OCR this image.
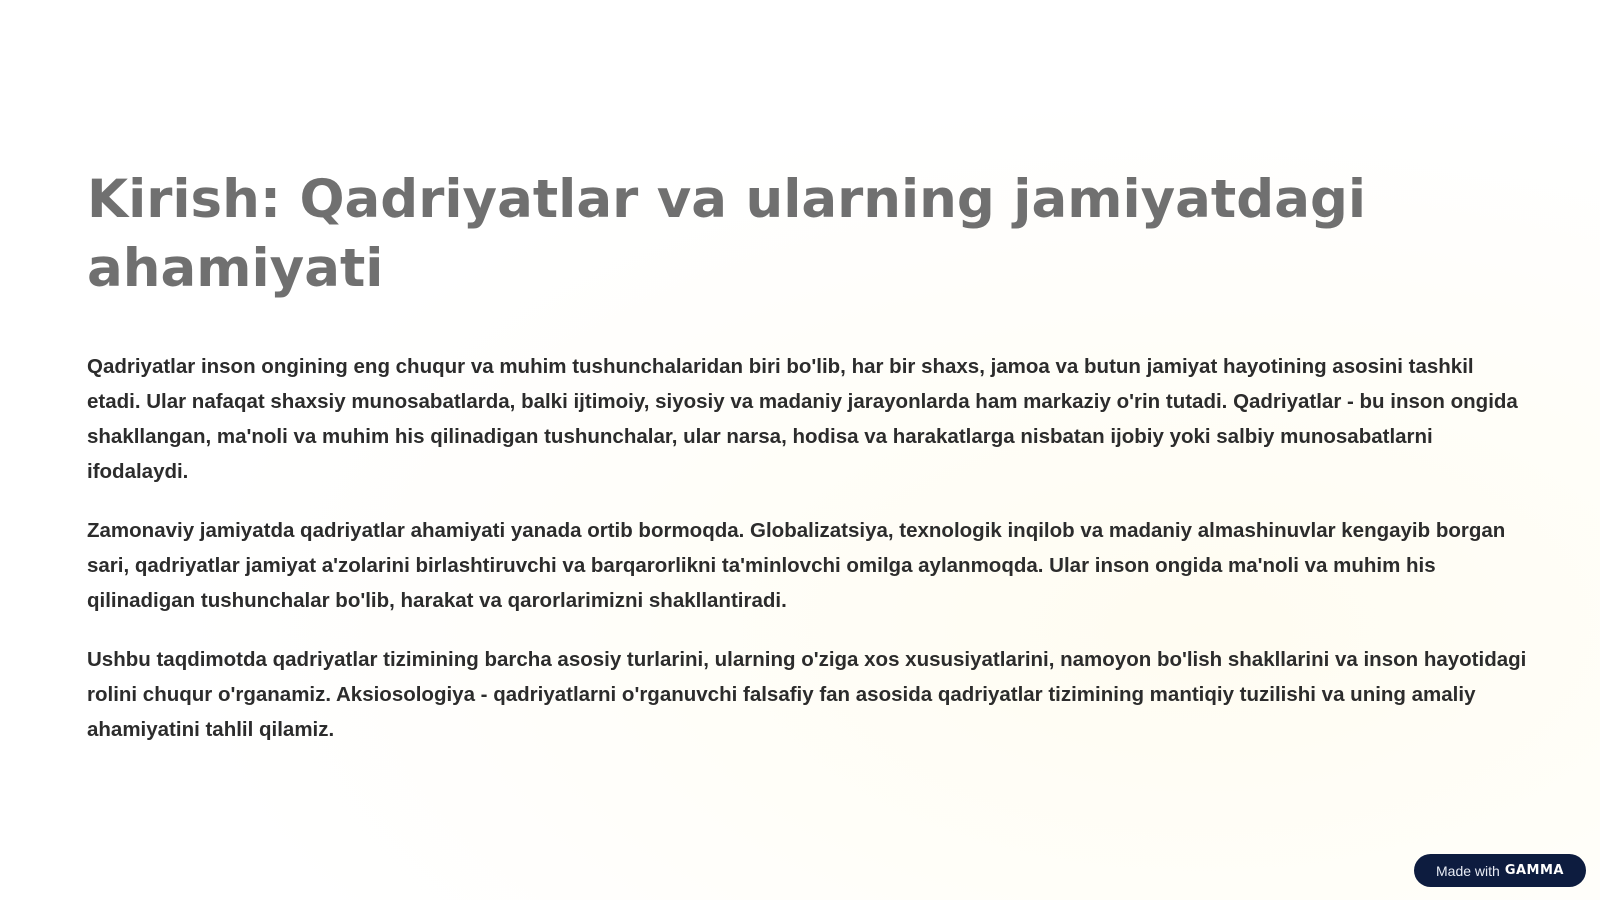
Kirish: Qadriyatlar va ularning jamiyatdagi ahamiyati

Qadriyatlar inson ongining eng chuqur va muhim tushunchalaridan biri bo'lib, har bir shaxs, jamoa va butun jamiyat hayotining asosini tashkil etadi. Ular nafaqat shaxsiy munosabatlarda, balki ijtimoiy, siyosiy va madaniy jarayonlarda ham markaziy o'rin tutadi. Qadriyatlar - bu inson ongida shakllangan, ma'noli va muhim his qilinadigan tushunchalar, ular narsa, hodisa va harakatlarga nisbatan ijobiy yoki salbiy munosabatlarni ifodalaydi.

Zamonaviy jamiyatda qadriyatlar ahamiyati yanada ortib bormoqda. Globalizatsiya, texnologik inqilob va madaniy almashinuvlar kengayib borgan sari, qadriyatlar jamiyat a'zolarini birlashtiruvchi va barqarorlikni ta'minlovchi omilga aylanmoqda. Ular inson ongida ma'noli va muhim his qilinadigan tushunchalar bo'lib, harakat va qarorlarimizni shakllantiradi.

Ushbu taqdimotda qadriyatlar tizimining barcha asosiy turlarini, ularning o'ziga xos xususiyatlarini, namoyon bo'lish shakllarini va inson hayotidagi rolini chuqur o'rganamiz. Aksiosologiya - qadriyatlarni o'rganuvchi falsafiy fan asosida qadriyatlar tizimining mantiqiy tuzilishi va uning amaliy ahamiyatini tahlil qilamiz.

Made with GAMMA
